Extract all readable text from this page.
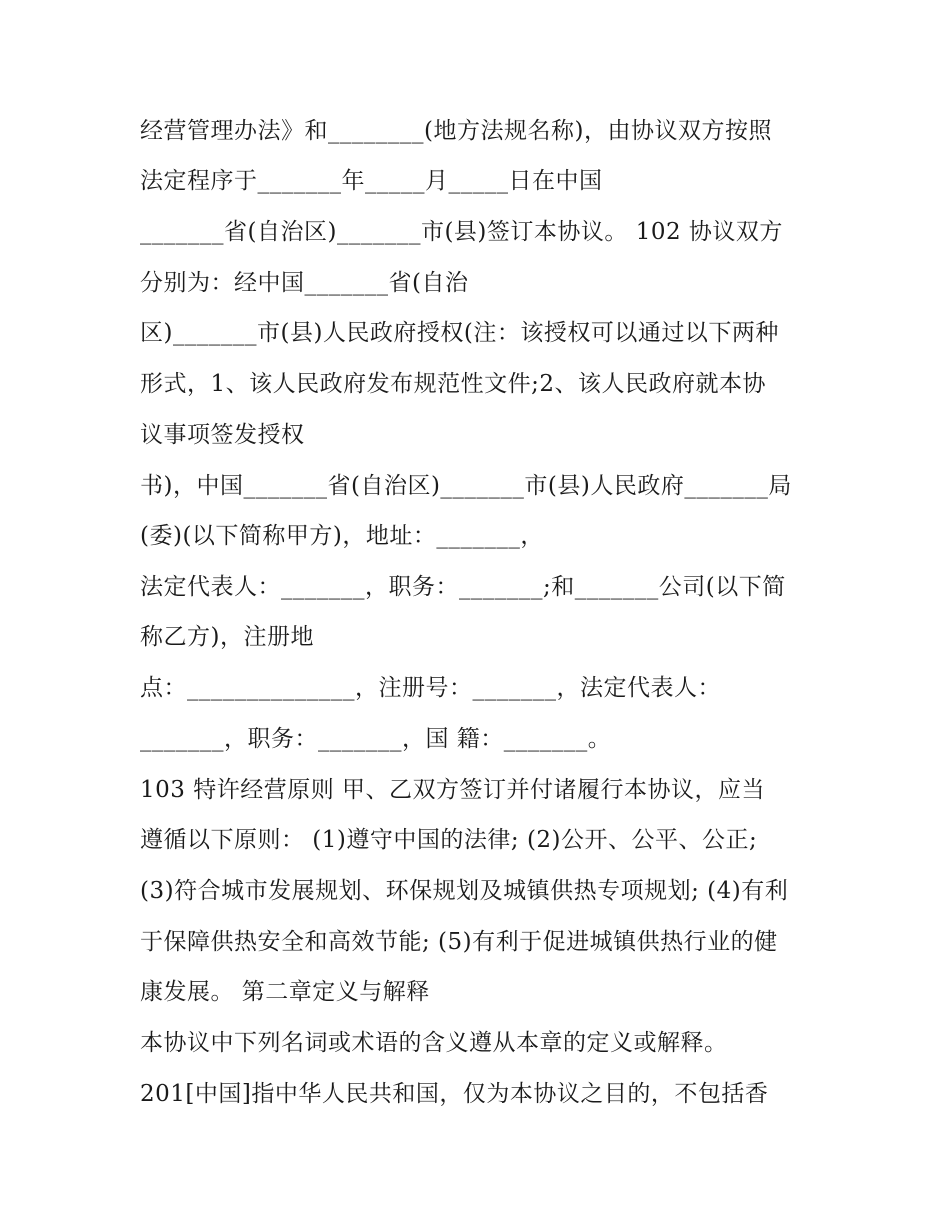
经营管理办法》和________(地方法规名称)，由协议双方按照
法定程序于_______年_____月_____日在中国
_______省(自治区)_______市(县)签订本协议。 102 协议双方
分别为：经中国_______省(自治
区)_______市(县)人民政府授权(注：该授权可以通过以下两种
形式，1、该人民政府发布规范性文件;2、该人民政府就本协
议事项签发授权
书)，中国_______省(自治区)_______市(县)人民政府_______局
(委)(以下简称甲方)，地址：_______，
法定代表人：_______，职务：_______;和_______公司(以下简
称乙方)，注册地
点：______________，注册号：_______，法定代表人：
_______，职务：_______，国 籍：_______。
103 特许经营原则 甲、乙双方签订并付诸履行本协议，应当
遵循以下原则： (1)遵守中国的法律; (2)公开、公平、公正;
(3)符合城市发展规划、环保规划及城镇供热专项规划; (4)有利
于保障供热安全和高效节能; (5)有利于促进城镇供热行业的健
康发展。 第二章定义与解释
本协议中下列名词或术语的含义遵从本章的定义或解释。
201[中国]指中华人民共和国，仅为本协议之目的，不包括香
